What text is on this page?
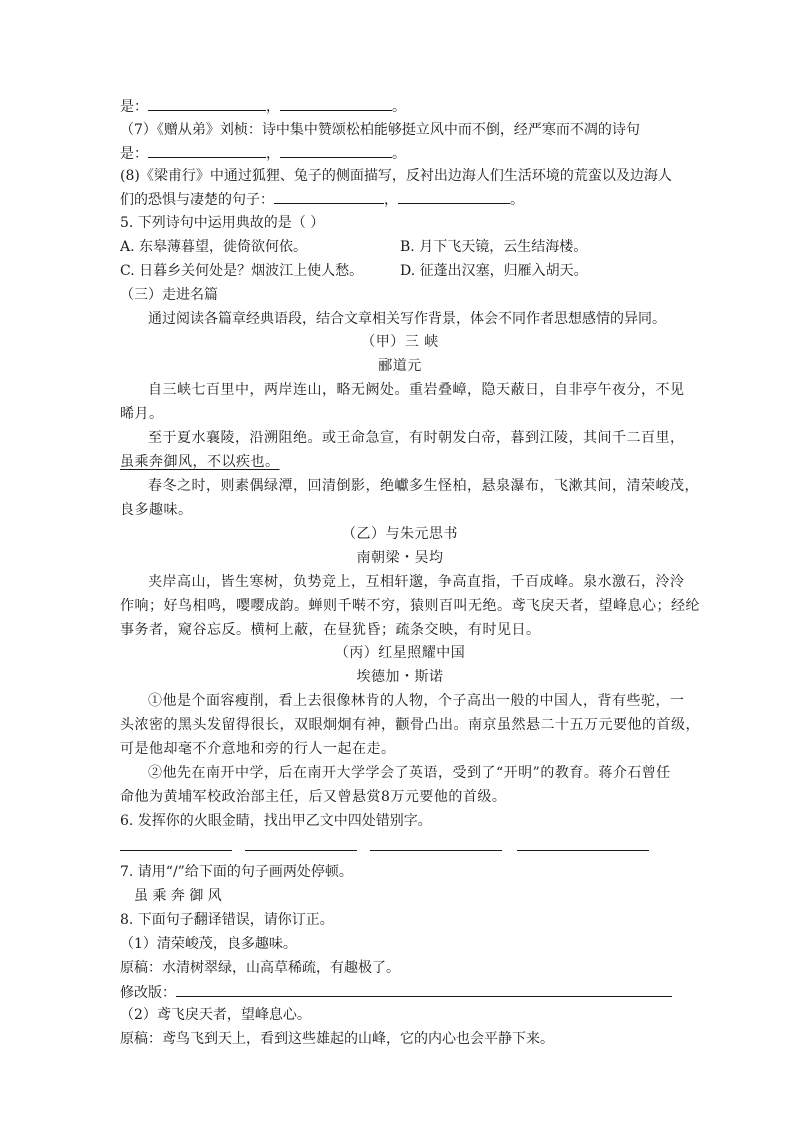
是：	，	。
（7）《赠从弟》刘桢：诗中集中赞颂松柏能够挺立风中而不倒，经严寒而不凋的诗句
是：	，	。
(8)《梁甫行》中通过狐狸、兔子的侧面描写，反衬出边海人们生活环境的荒蛮以及边海人
们的恐惧与凄楚的句子：	，	。
5. 下列诗句中运用典故的是（ ）
A. 东皋薄暮望，徙倚欲何依。	B. 月下飞天镜，云生结海楼。
C. 日暮乡关何处是？烟波江上使人愁。	D. 征蓬出汉塞，归雁入胡天。
（三）走进名篇
通过阅读各篇章经典语段，结合文章相关写作背景，体会不同作者思想感情的异同。
（甲）三 峡
郦道元
自三峡七百里中，两岸连山，略无阙处。重岩叠嶂，隐天蔽日，自非亭午夜分，不见
晞月。
至于夏水襄陵，沿溯阻绝。或王命急宣，有时朝发白帝，暮到江陵，其间千二百里，
虽乘奔御风，不以疾也。
春冬之时，则素偶绿潭，回清倒影，绝巘多生怪柏，悬泉瀑布，飞漱其间，清荣峻茂，
良多趣味。
（乙）与朱元思书
南朝梁・吴均
夹岸高山，皆生寒树，负势竞上，互相轩邈，争高直指，千百成峰。泉水激石，泠泠
作响；好鸟相鸣，嘤嘤成韵。蝉则千啭不穷，猿则百叫无绝。鸢飞戾天者，望峰息心；经纶
事务者，窥谷忘反。横柯上蔽，在昼犹昏；疏条交映，有时见日。
（丙）红星照耀中国
埃德加・斯诺
①他是个面容瘦削，看上去很像林肯的人物，个子高出一般的中国人，背有些驼，一
头浓密的黑头发留得很长，双眼炯炯有神，颧骨凸出。南京虽然悬二十五万元要他的首级，
可是他却毫不介意地和旁的行人一起在走。
②他先在南开中学，后在南开大学学会了英语，受到了“开明”的教育。蒋介石曾任
命他为黄埔军校政治部主任，后又曾悬赏8万元要他的首级。
6. 发挥你的火眼金睛，找出甲乙文中四处错别字。
7. 请用“/”给下面的句子画两处停顿。
虽 乘 奔 御 风
8. 下面句子翻译错误，请你订正。
（1）清荣峻茂，良多趣味。
原稿：水清树翠绿，山高草稀疏，有趣极了。
修改版：
（2）鸢飞戾天者，望峰息心。
原稿：鸢鸟飞到天上，看到这些雄起的山峰，它的内心也会平静下来。
